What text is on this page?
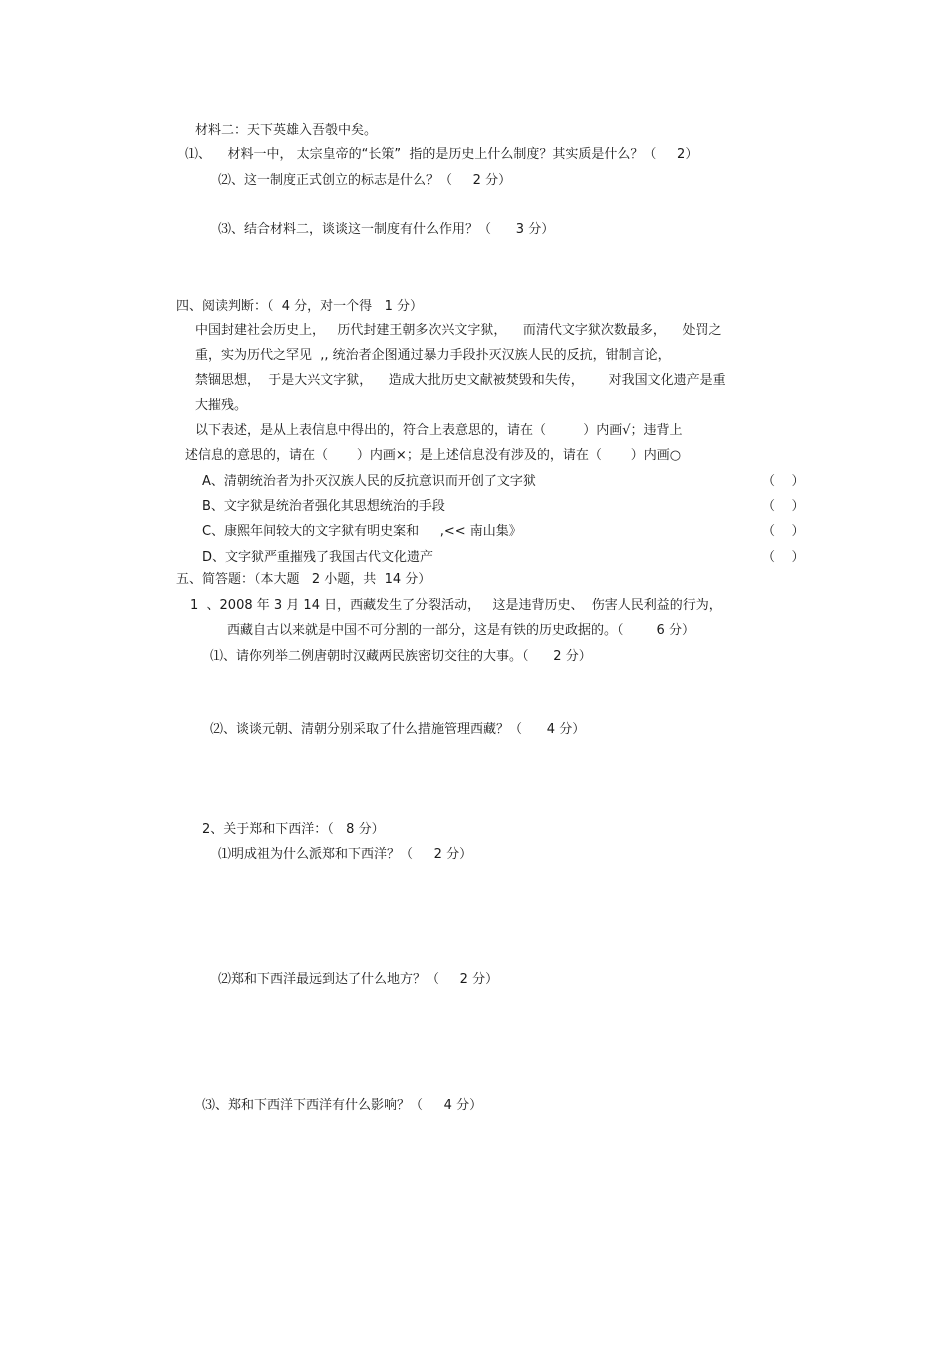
材料二：天下英雄入吾彀中矣。
⑴、    材料一中， 太宗皇帝的“长策”  指的是历史上什么制度？其实质是什么？（     2）
⑵、这一制度正式创立的标志是什么？（     2 分）
⑶、结合材料二，谈谈这一制度有什么作用？（      3 分）
四、阅读判断：（  4 分，对一个得   1 分）
中国封建社会历史上，   历代封建王朝多次兴文字狱，    而清代文字狱次数最多，    处罚之
重，实为历代之罕见  ,, 统治者企图通过暴力手段扑灭汉族人民的反抗，钳制言论，
禁锢思想，  于是大兴文字狱，    造成大批历史文献被焚毁和失传，      对我国文化遗产是重
大摧残。
以下表述，是从上表信息中得出的，符合上表意思的，请在（         ）内画√；违背上
述信息的意思的，请在（       ）内画×；是上述信息没有涉及的，请在（       ）内画○
A、清朝统治者为扑灭汉族人民的反抗意识而开创了文字狱	（    ）
B、文字狱是统治者强化其思想统治的手段	（    ）
C、康熙年间较大的文字狱有明史案和     ,<< 南山集》	（    ）
D、文字狱严重摧残了我国古代文化遗产	（    ）
五、简答题：（本大题   2 小题，共  14 分）
1  、2008 年 3 月 14 日，西藏发生了分裂活动，   这是违背历史、  伤害人民利益的行为，
西藏自古以来就是中国不可分割的一部分，这是有铁的历史政据的。（        6 分）
⑴、请你列举二例唐朝时汉藏两民族密切交往的大事。（      2 分）
⑵、谈谈元朝、清朝分别采取了什么措施管理西藏？（      4 分）
2、关于郑和下西洋：（   8 分）
⑴明成祖为什么派郑和下西洋？（     2 分）
⑵郑和下西洋最远到达了什么地方？（     2 分）
⑶、郑和下西洋下西洋有什么影响？（     4 分）
